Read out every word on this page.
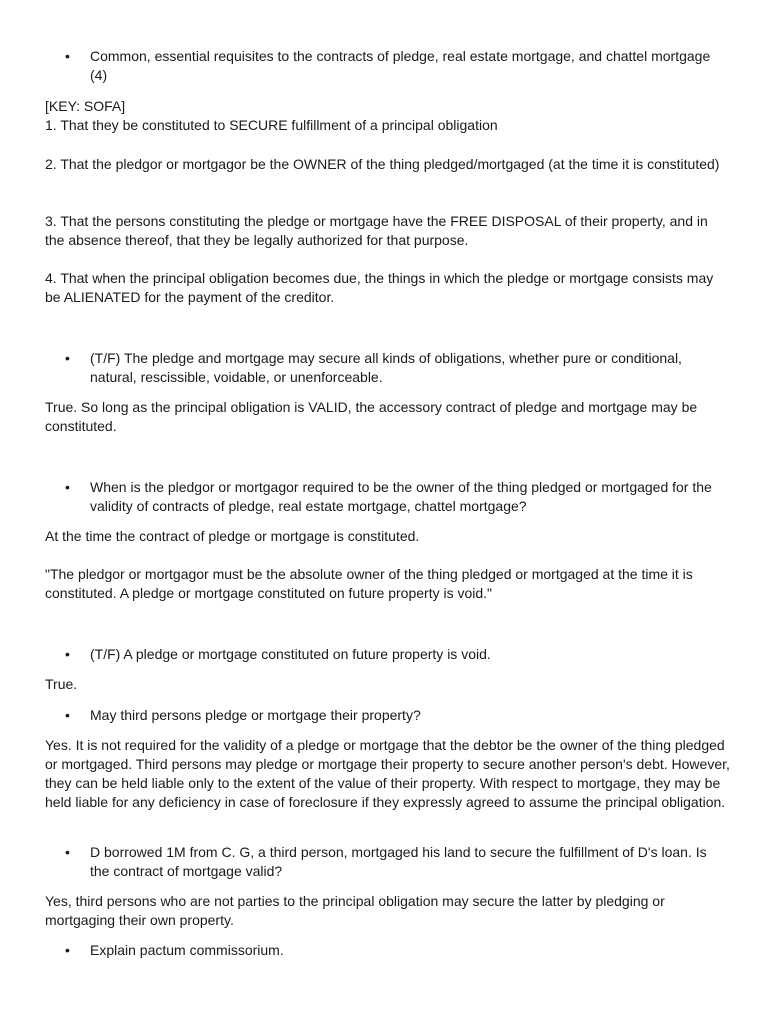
•	Common, essential requisites to the contracts of pledge, real estate mortgage, and chattel mortgage (4)

[KEY: SOFA]

1. That they be constituted to SECURE fulfillment of a principal obligation

2. That the pledgor or mortgagor be the OWNER of the thing pledged/mortgaged (at the time it is constituted)

3. That the persons constituting the pledge or mortgage have the FREE DISPOSAL of their property, and in the absence thereof, that they be legally authorized for that purpose.

4. That when the principal obligation becomes due, the things in which the pledge or mortgage consists may be ALIENATED for the payment of the creditor.

•	(T/F) The pledge and mortgage may secure all kinds of obligations, whether pure or conditional, natural, rescissible, voidable, or unenforceable.

True. So long as the principal obligation is VALID, the accessory contract of pledge and mortgage may be constituted.

•	When is the pledgor or mortgagor required to be the owner of the thing pledged or mortgaged for the validity of contracts of pledge, real estate mortgage, chattel mortgage?

At the time the contract of pledge or mortgage is constituted.

"The pledgor or mortgagor must be the absolute owner of the thing pledged or mortgaged at the time it is constituted. A pledge or mortgage constituted on future property is void."

•	(T/F) A pledge or mortgage constituted on future property is void.

True.

•	May third persons pledge or mortgage their property?

Yes. It is not required for the validity of a pledge or mortgage that the debtor be the owner of the thing pledged or mortgaged. Third persons may pledge or mortgage their property to secure another person's debt. However, they can be held liable only to the extent of the value of their property. With respect to mortgage, they may be held liable for any deficiency in case of foreclosure if they expressly agreed to assume the principal obligation.

•	D borrowed 1M from C. G, a third person, mortgaged his land to secure the fulfillment of D's loan. Is the contract of mortgage valid?

Yes, third persons who are not parties to the principal obligation may secure the latter by pledging or mortgaging their own property.

•	Explain pactum commissorium.
